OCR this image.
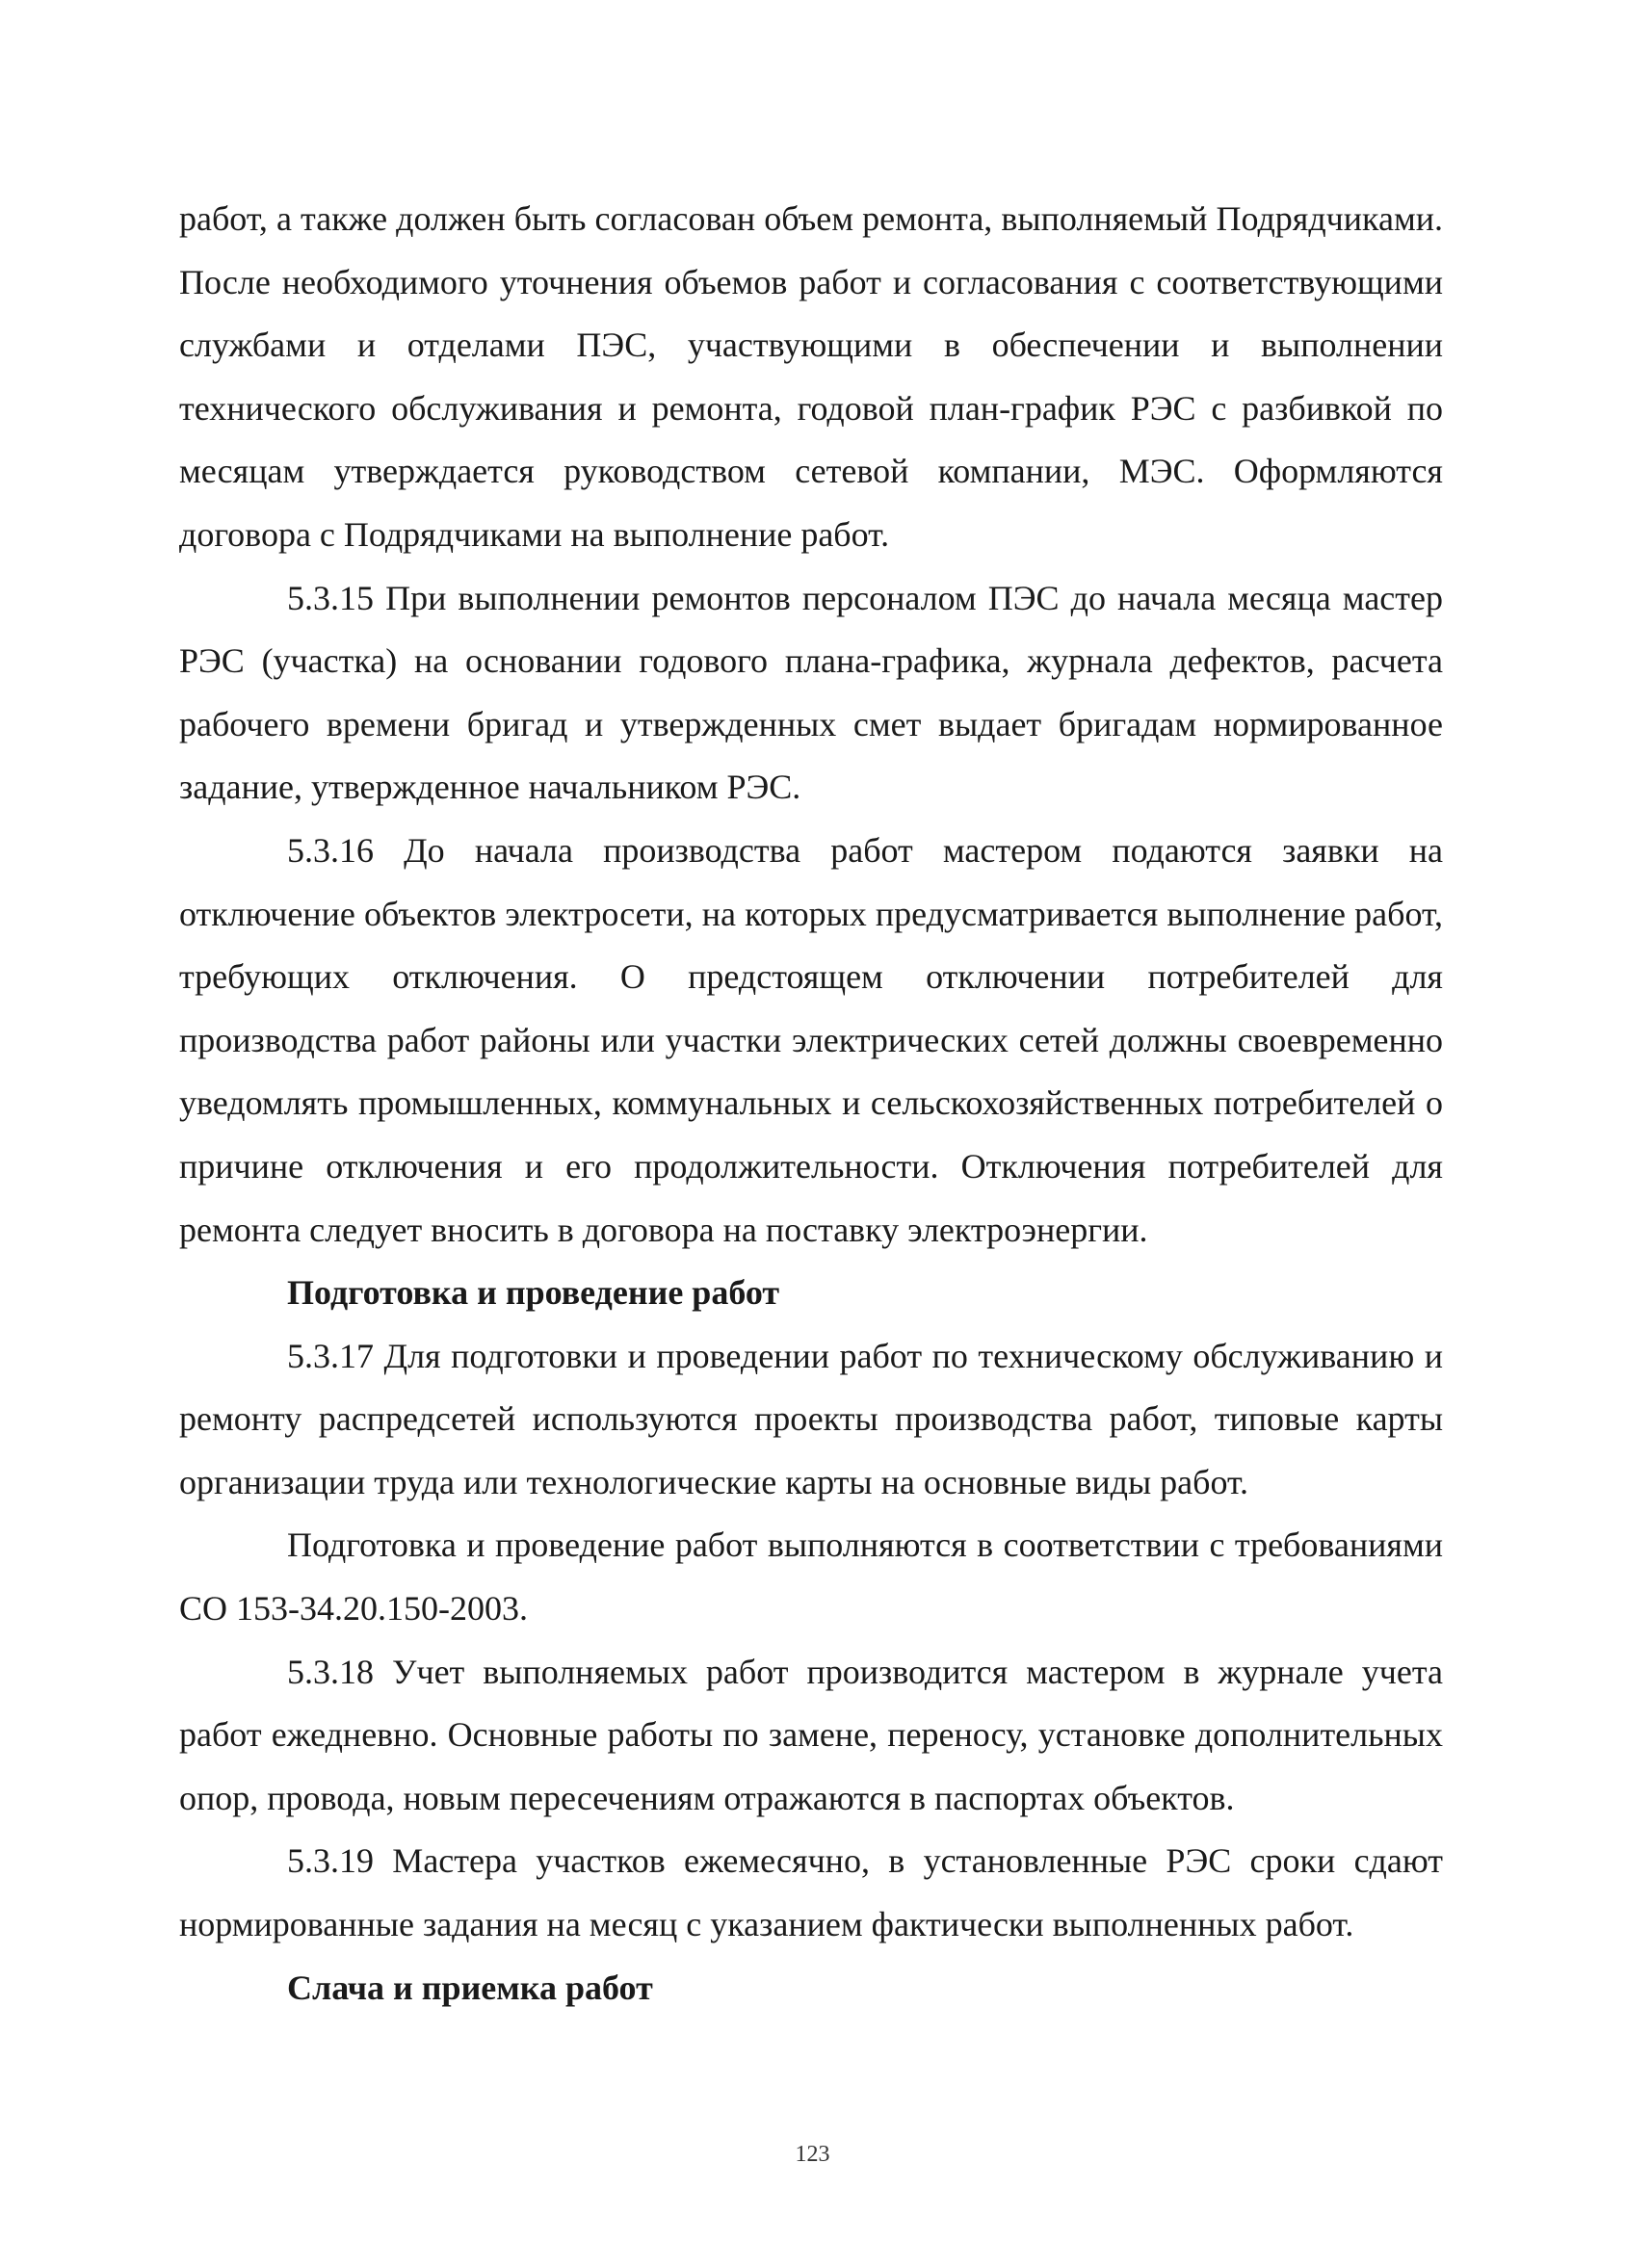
работ, а также должен быть согласован объем ремонта, выполняемый Подрядчиками. После необходимого уточнения объемов работ и согласования с соответствующими службами и отделами ПЭС, участвующими в обеспечении и выполнении технического обслуживания и ремонта, годовой план-график РЭС с разбивкой по месяцам утверждается руководством сетевой компании, МЭС. Оформляются договора с Подрядчиками на выполнение работ.

5.3.15 При выполнении ремонтов персоналом ПЭС до начала месяца мастер РЭС (участка) на основании годового плана-графика, журнала дефектов, расчета рабочего времени бригад и утвержденных смет выдает бригадам нормированное задание, утвержденное начальником РЭС.

5.3.16 До начала производства работ мастером подаются заявки на отключение объектов электросети, на которых предусматривается выполнение работ, требующих отключения. О предстоящем отключении потребителей для производства работ районы или участки электрических сетей должны своевременно уведомлять промышленных, коммунальных и сельскохозяйственных потребителей о причине отключения и его продолжительности. Отключения потребителей для ремонта следует вносить в договора на поставку электроэнергии.

Подготовка и проведение работ

5.3.17 Для подготовки и проведении работ по техническому обслуживанию и ремонту распредсетей используются проекты производства работ, типовые карты организации труда или технологические карты на основные виды работ.

Подготовка и проведение работ выполняются в соответствии с требованиями СО 153-34.20.150-2003.

5.3.18 Учет выполняемых работ производится мастером в журнале учета работ ежедневно. Основные работы по замене, переносу, установке дополнительных опор, провода, новым пересечениям отражаются в паспортах объектов.

5.3.19 Мастера участков ежемесячно, в установленные РЭС сроки сдают нормированные задания на месяц с указанием фактически выполненных работ.

Слача и приемка работ

123
